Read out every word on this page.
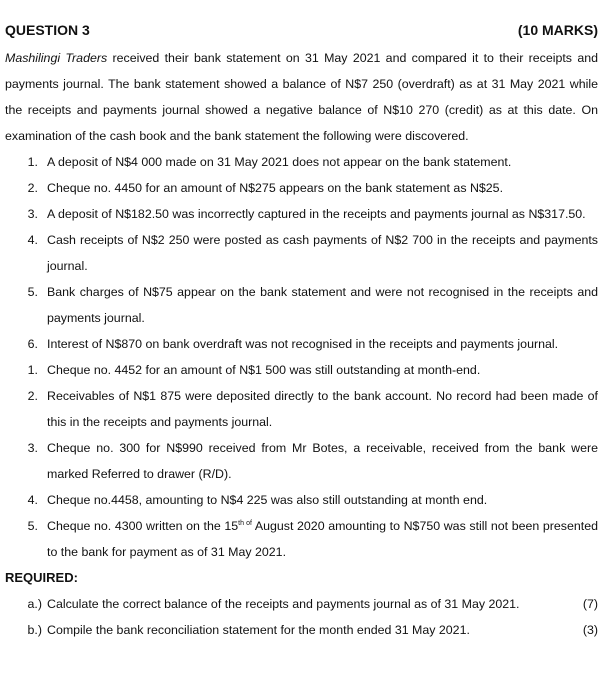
QUESTION 3	(10 MARKS)
Mashilingi Traders received their bank statement on 31 May 2021 and compared it to their receipts and payments journal. The bank statement showed a balance of N$7 250 (overdraft) as at 31 May 2021 while the receipts and payments journal showed a negative balance of N$10 270 (credit) as at this date. On examination of the cash book and the bank statement the following were discovered.
1. A deposit of N$4 000 made on 31 May 2021 does not appear on the bank statement.
2. Cheque no. 4450 for an amount of N$275 appears on the bank statement as N$25.
3. A deposit of N$182.50 was incorrectly captured in the receipts and payments journal as N$317.50.
4. Cash receipts of N$2 250 were posted as cash payments of N$2 700 in the receipts and payments journal.
5. Bank charges of N$75 appear on the bank statement and were not recognised in the receipts and payments journal.
6. Interest of N$870 on bank overdraft was not recognised in the receipts and payments journal.
1. Cheque no. 4452 for an amount of N$1 500 was still outstanding at month-end.
2. Receivables of N$1 875 were deposited directly to the bank account. No record had been made of this in the receipts and payments journal.
3. Cheque no. 300 for N$990 received from Mr Botes, a receivable, received from the bank were marked Referred to drawer (R/D).
4. Cheque no.4458, amounting to N$4 225 was also still outstanding at month end.
5. Cheque no. 4300 written on the $15^{th of}$ August 2020 amounting to N$750 was still not been presented to the bank for payment as of 31 May 2021.
REQUIRED:
a.) Calculate the correct balance of the receipts and payments journal as of 31 May 2021.	(7)
b.) Compile the bank reconciliation statement for the month ended 31 May 2021.	(3)
